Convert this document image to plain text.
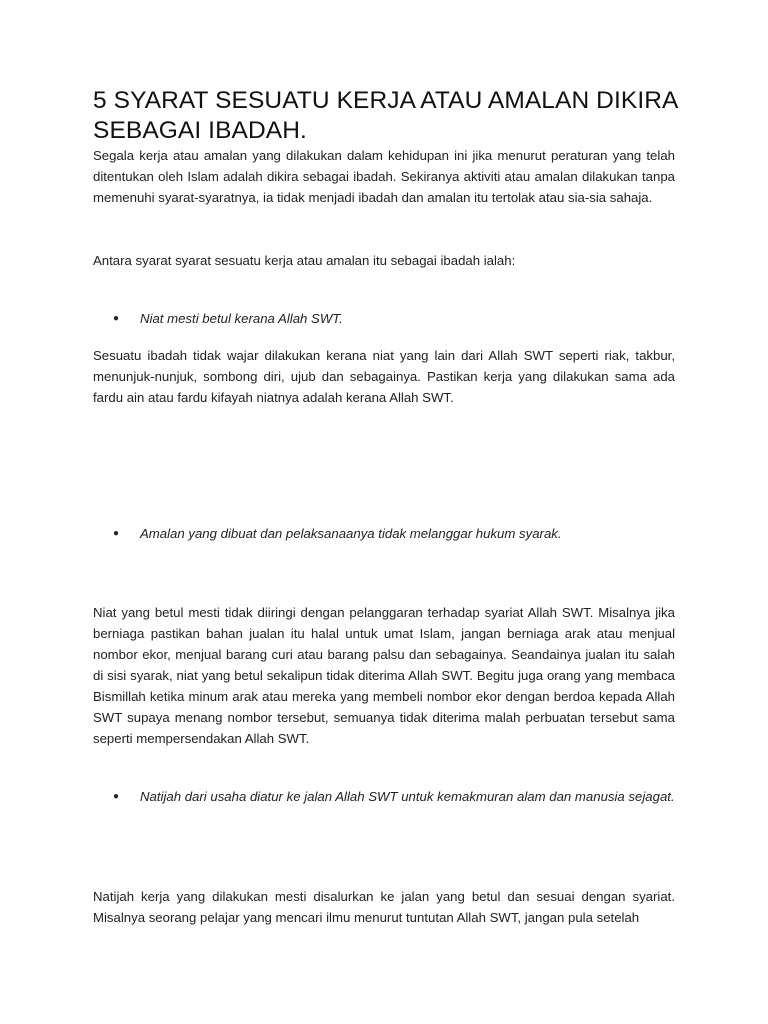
5 SYARAT SESUATU KERJA ATAU AMALAN DIKIRA SEBAGAI IBADAH.

Segala kerja atau amalan yang dilakukan dalam kehidupan ini jika menurut peraturan yang telah ditentukan oleh Islam adalah dikira sebagai ibadah. Sekiranya aktiviti atau amalan dilakukan tanpa memenuhi syarat-syaratnya, ia tidak menjadi ibadah dan amalan itu tertolak atau sia-sia sahaja.

Antara syarat syarat sesuatu kerja atau amalan itu sebagai ibadah ialah:

●	Niat mesti betul kerana Allah SWT.

Sesuatu ibadah tidak wajar dilakukan kerana niat yang lain dari Allah SWT seperti riak, takbur, menunjuk-nunjuk, sombong diri, ujub dan sebagainya. Pastikan kerja yang dilakukan sama ada fardu ain atau fardu kifayah niatnya adalah kerana Allah SWT.

●	Amalan yang dibuat dan pelaksanaanya tidak melanggar hukum syarak.

Niat yang betul mesti tidak diiringi dengan pelanggaran terhadap syariat Allah SWT. Misalnya jika berniaga pastikan bahan jualan itu halal untuk umat Islam, jangan berniaga arak atau menjual nombor ekor, menjual barang curi atau barang palsu dan sebagainya. Seandainya jualan itu salah di sisi syarak, niat yang betul sekalipun tidak diterima Allah SWT. Begitu juga orang yang membaca Bismillah ketika minum arak atau mereka yang membeli nombor ekor dengan berdoa kepada Allah SWT supaya menang nombor tersebut, semuanya tidak diterima malah perbuatan tersebut sama seperti mempersendakan Allah SWT.

●	Natijah dari usaha diatur ke jalan Allah SWT untuk kemakmuran alam dan manusia sejagat.

Natijah kerja yang dilakukan mesti disalurkan ke jalan yang betul dan sesuai dengan syariat. Misalnya seorang pelajar yang mencari ilmu menurut tuntutan Allah SWT, jangan pula setelah
